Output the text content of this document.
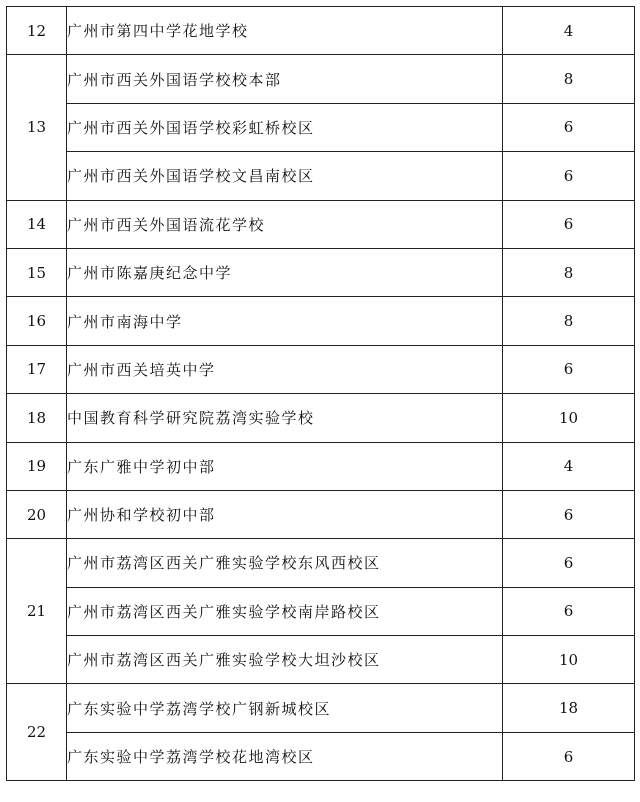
12	广州市第四中学花地学校	4
13	广州市西关外国语学校校本部	8
	广州市西关外国语学校彩虹桥校区	6
	广州市西关外国语学校文昌南校区	6
14	广州市西关外国语流花学校	6
15	广州市陈嘉庚纪念中学	8
16	广州市南海中学	8
17	广州市西关培英中学	6
18	中国教育科学研究院荔湾实验学校	10
19	广东广雅中学初中部	4
20	广州协和学校初中部	6
21	广州市荔湾区西关广雅实验学校东风西校区	6
	广州市荔湾区西关广雅实验学校南岸路校区	6
	广州市荔湾区西关广雅实验学校大坦沙校区	10
22	广东实验中学荔湾学校广钢新城校区	18
	广东实验中学荔湾学校花地湾校区	6
